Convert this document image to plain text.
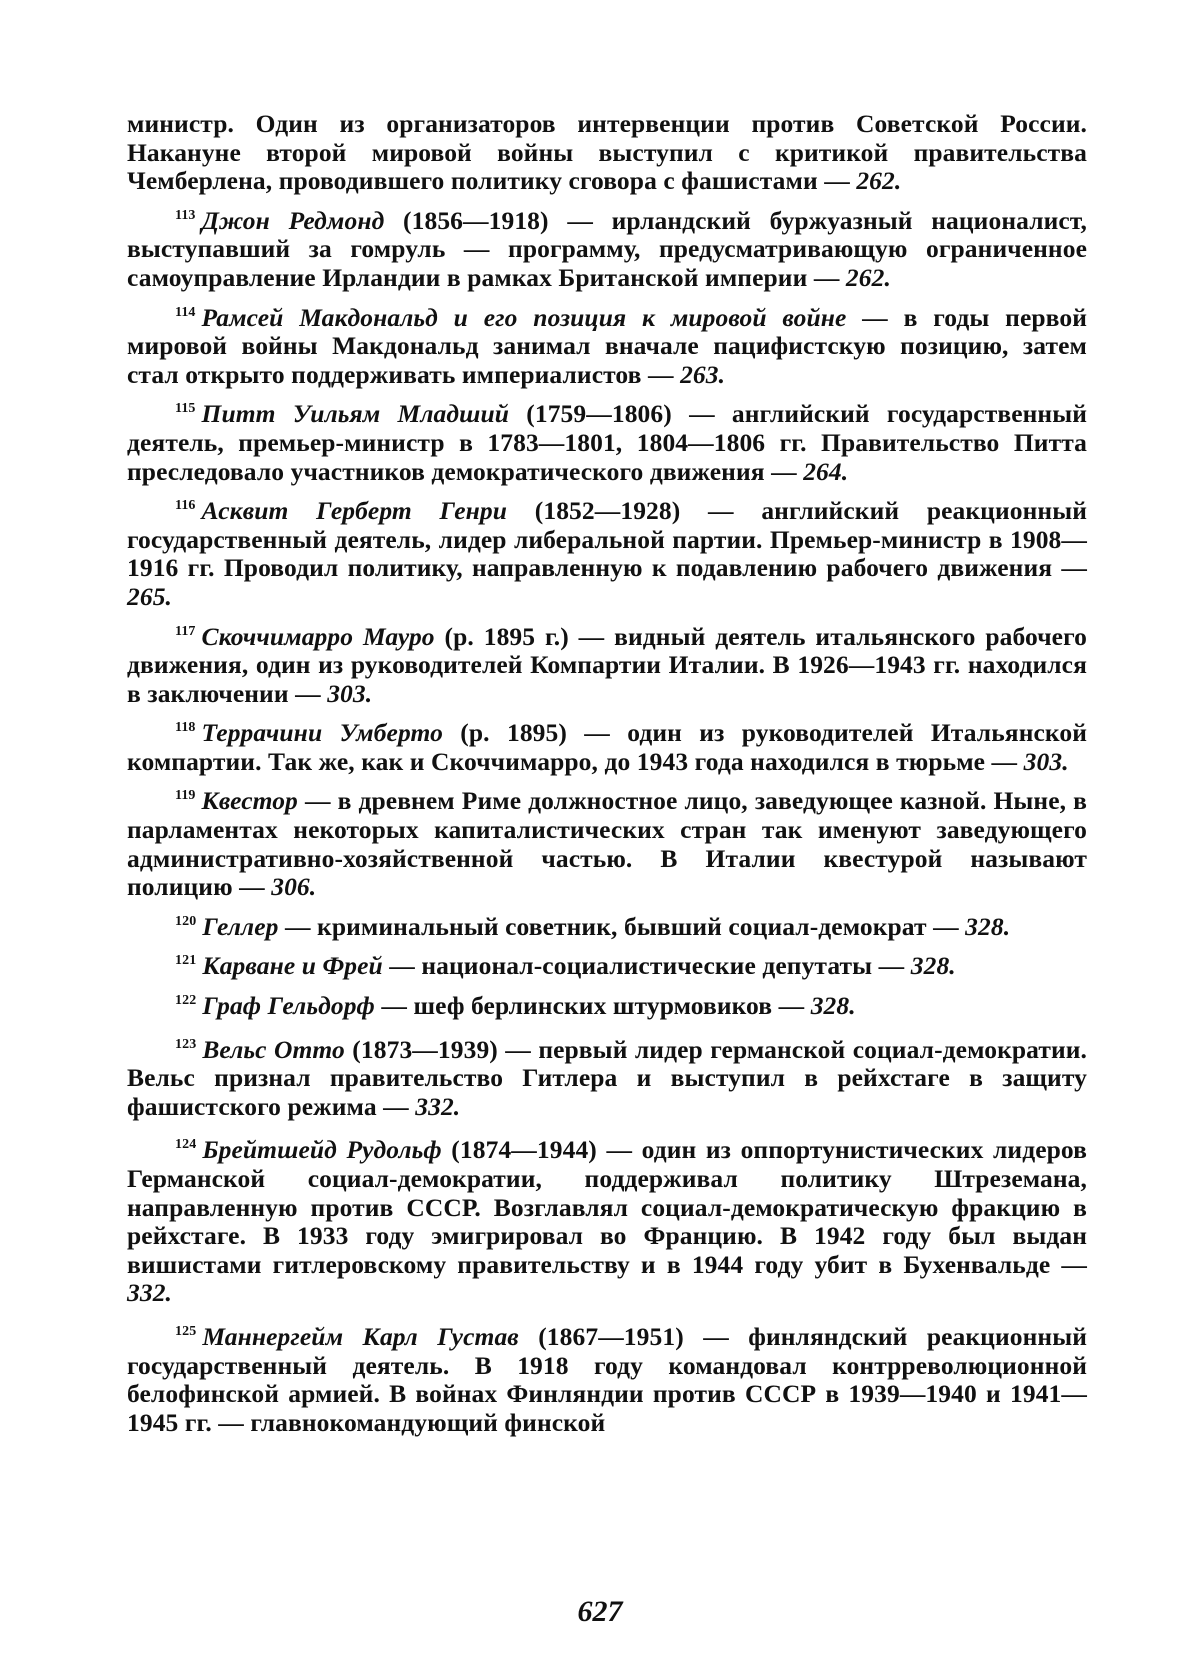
министр. Один из организаторов интервенции против Советской России. Накануне второй мировой войны выступил с критикой правительства Чемберлена, проводившего политику сговора с фашистами — 262.

$^{113}$ Джон Редмонд (1856—1918) — ирландский буржуазный националист, выступавший за гомруль — программу, предусматривающую ограниченное самоуправление Ирландии в рамках Британской империи — 262.

$^{114}$ Рамсей Макдональд и его позиция к мировой войне — в годы первой мировой войны Макдональд занимал вначале пацифистскую позицию, затем стал открыто поддерживать империалистов — 263.

$^{115}$ Питт Уильям Младший (1759—1806) — английский государственный деятель, премьер-министр в 1783—1801, 1804—1806 гг. Правительство Питта преследовало участников демократического движения — 264.

$^{116}$ Асквит Герберт Генри (1852—1928) — английский реакционный государственный деятель, лидер либеральной партии. Премьер-министр в 1908—1916 гг. Проводил политику, направленную к подавлению рабочего движения — 265.

$^{117}$ Скоччимарро Мауро (р. 1895 г.) — видный деятель итальянского рабочего движения, один из руководителей Компартии Италии. В 1926—1943 гг. находился в заключении — 303.

$^{118}$ Террачини Умберто (р. 1895) — один из руководителей Итальянской компартии. Так же, как и Скоччимарро, до 1943 года находился в тюрьме — 303.

$^{119}$ Квестор — в древнем Риме должностное лицо, заведующее казной. Ныне, в парламентах некоторых капиталистических стран так именуют заведующего административно-хозяйственной частью. В Италии квестурой называют полицию — 306.

$^{120}$ Геллер — криминальный советник, бывший социал-демократ — 328.

$^{121}$ Карване и Фрей — национал-социалистические депутаты — 328.

$^{122}$ Граф Гельдорф — шеф берлинских штурмовиков — 328.

$^{123}$ Вельс Отто (1873—1939) — первый лидер германской социал-демократии. Вельс признал правительство Гитлера и выступил в рейхстаге в защиту фашистского режима — 332.

$^{124}$ Брейтшейд Рудольф (1874—1944) — один из оппортунистических лидеров Германской социал-демократии, поддерживал политику Штреземана, направленную против СССР. Возглавлял социал-демократическую фракцию в рейхстаге. В 1933 году эмигрировал во Францию. В 1942 году был выдан вишистами гитлеровскому правительству и в 1944 году убит в Бухенвальде — 332.

$^{125}$ Маннергейм Карл Густав (1867—1951) — финляндский реакционный государственный деятель. В 1918 году командовал контрреволюционной белофинской армией. В войнах Финляндии против СССР в 1939—1940 и 1941—1945 гг. — главнокомандующий финской

627
